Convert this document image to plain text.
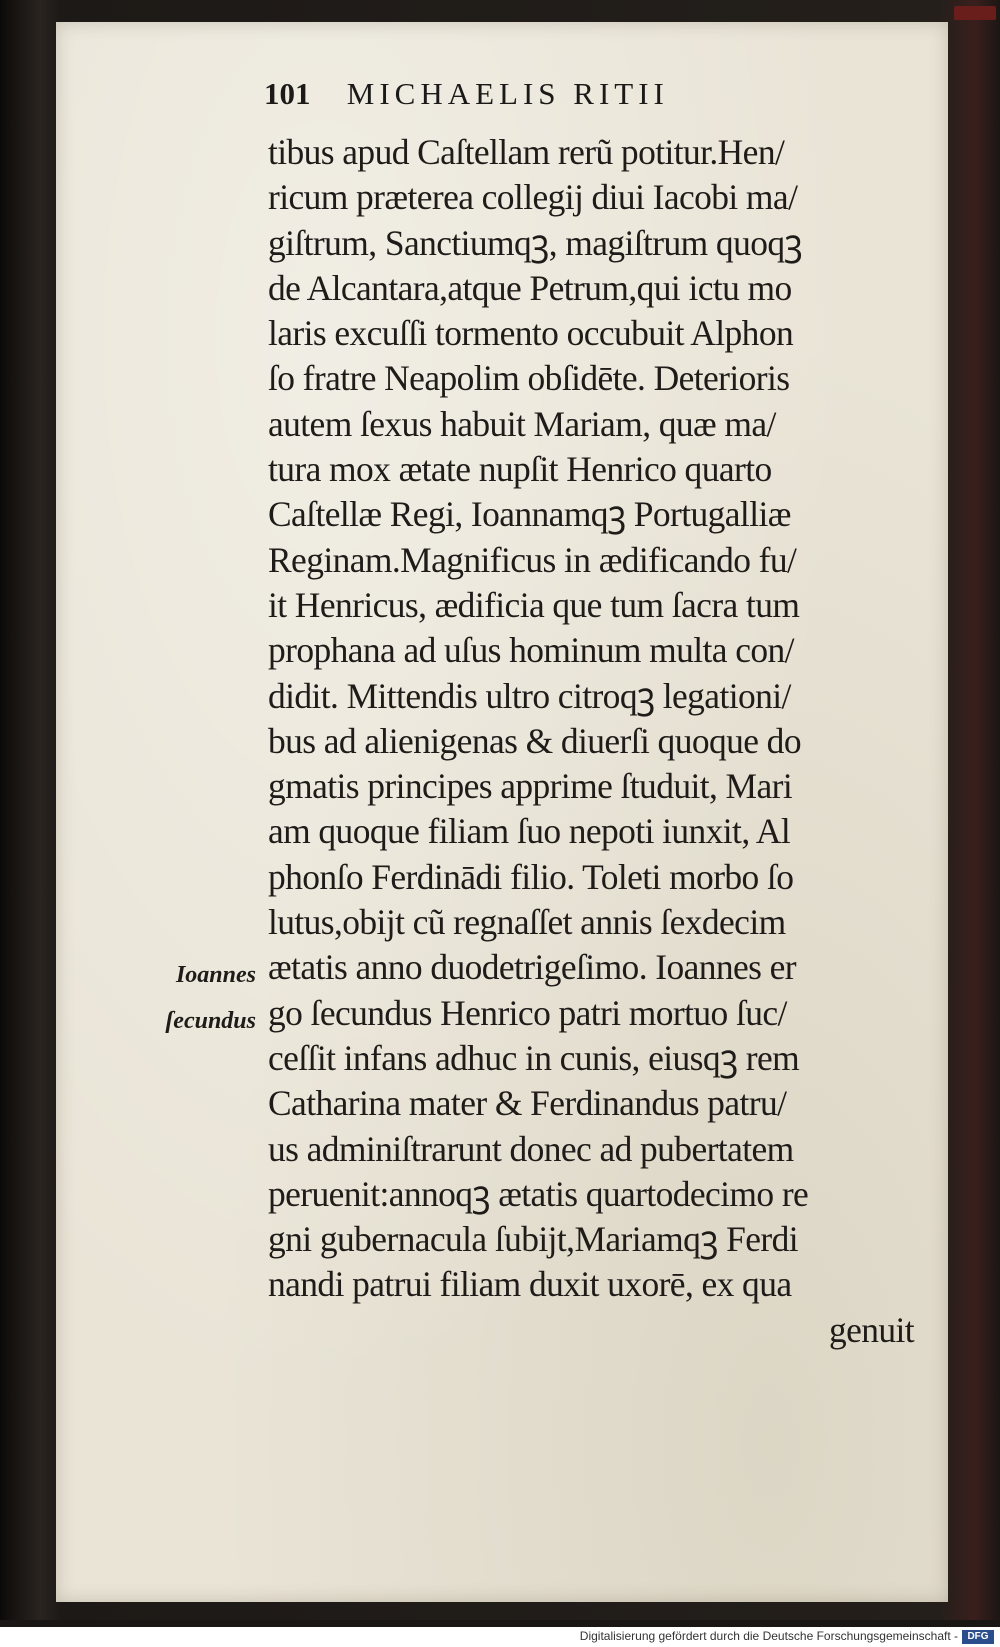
101 MICHAELIS RITII
tibus apud Caſtellam rerũ potitur.Hen/
ricum prӕterea collegij diui Iacobi ma/
giſtrum, Sanctiumqꝫ, magiſtrum quoqꝫ
de Alcantara,atque Petrum,qui ictu mo
laris excuſſi tormento occubuit Alphon
ſo fratre Neapolim obſidēte. Deterioris
autem ſexus habuit Mariam, quӕ ma/
tura mox ӕtate nupſit Henrico quarto
Caſtellӕ Regi, Ioannamqꝫ Portugalliӕ
Reginam.Magnificus in ӕdificando fu/
it Henricus, ӕdificia que tum ſacra tum
prophana ad uſus hominum multa con/
didit. Mittendis ultro citroqꝫ legationi/
bus ad alienigenas & diuerſi quoque do
gmatis principes apprime ſtuduit, Mari
am quoque filiam ſuo nepoti iunxit, Al
phonſo Ferdinādi filio. Toleti morbo ſo
lutus,obijt cũ regnaſſet annis ſexdecim
ӕtatis anno duodetrigeſimo. Ioannes er
go ſecundus Henrico patri mortuo ſuc/
ceſſit infans adhuc in cunis, eiusqꝫ rem
Catharina mater & Ferdinandus patru/
us adminiſtrarunt donec ad pubertatem
peruenit:annoqꝫ ӕtatis quartodecimo re
gni gubernacula ſubijt,Mariamqꝫ Ferdi
nandi patrui filiam duxit uxorē, ex qua
genuit
Ioannes
ſecundus
Digitalisierung gefördert durch die Deutsche Forschungsgemeinschaft - DFG
